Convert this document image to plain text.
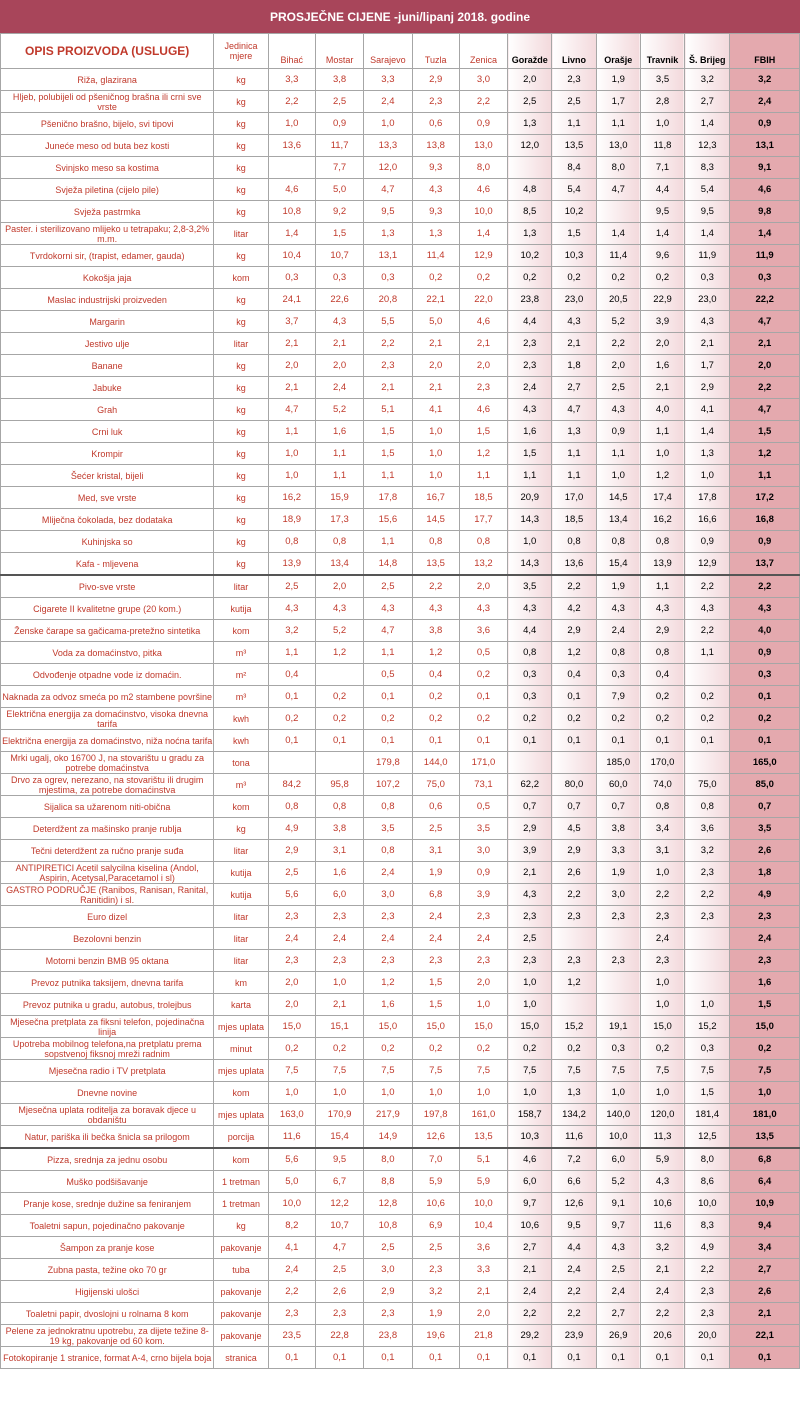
PROSJEČNE CIJENE -juni/lipanj 2018. godine
OPIS PROIZVODA (USLUGE)	Jedinica mjere	Bihać	Mostar	Sarajevo	Tuzla	Zenica	Goražde	Livno	Orašje	Travnik	Š. Brijeg	FBIH
Riža, glazirana	kg	3,3	3,8	3,3	2,9	3,0	2,0	2,3	1,9	3,5	3,2	3,2
Hljeb, polubijeli od pšeničnog brašna ili crni sve vrste	kg	2,2	2,5	2,4	2,3	2,2	2,5	2,5	1,7	2,8	2,7	2,4
Pšenično brašno, bijelo, svi tipovi	kg	1,0	0,9	1,0	0,6	0,9	1,3	1,1	1,1	1,0	1,4	0,9
Juneće meso od buta bez kosti	kg	13,6	11,7	13,3	13,8	13,0	12,0	13,5	13,0	11,8	12,3	13,1
Svinjsko meso sa kostima	kg		7,7	12,0	9,3	8,0		8,4	8,0	7,1	8,3	9,1
Svježa piletina (cijelo pile)	kg	4,6	5,0	4,7	4,3	4,6	4,8	5,4	4,7	4,4	5,4	4,6
Svježa pastrmka	kg	10,8	9,2	9,5	9,3	10,0	8,5	10,2		9,5	9,5	9,8
Paster. i sterilizovano mlijeko u tetrapaku; 2,8-3,2% m.m.	litar	1,4	1,5	1,3	1,3	1,4	1,3	1,5	1,4	1,4	1,4	1,4
Tvrdokorni sir, (trapist, edamer, gauda)	kg	10,4	10,7	13,1	11,4	12,9	10,2	10,3	11,4	9,6	11,9	11,9
Kokošja jaja	kom	0,3	0,3	0,3	0,2	0,2	0,2	0,2	0,2	0,2	0,3	0,3
Maslac industrijski proizveden	kg	24,1	22,6	20,8	22,1	22,0	23,8	23,0	20,5	22,9	23,0	22,2
Margarin	kg	3,7	4,3	5,5	5,0	4,6	4,4	4,3	5,2	3,9	4,3	4,7
Jestivo ulje	litar	2,1	2,1	2,2	2,1	2,1	2,3	2,1	2,2	2,0	2,1	2,1
Banane	kg	2,0	2,0	2,3	2,0	2,0	2,3	1,8	2,0	1,6	1,7	2,0
Jabuke	kg	2,1	2,4	2,1	2,1	2,3	2,4	2,7	2,5	2,1	2,9	2,2
Grah	kg	4,7	5,2	5,1	4,1	4,6	4,3	4,7	4,3	4,0	4,1	4,7
Crni luk	kg	1,1	1,6	1,5	1,0	1,5	1,6	1,3	0,9	1,1	1,4	1,5
Krompir	kg	1,0	1,1	1,5	1,0	1,2	1,5	1,1	1,1	1,0	1,3	1,2
Šećer kristal, bijeli	kg	1,0	1,1	1,1	1,0	1,1	1,1	1,1	1,0	1,2	1,0	1,1
Med, sve vrste	kg	16,2	15,9	17,8	16,7	18,5	20,9	17,0	14,5	17,4	17,8	17,2
Mliječna čokolada, bez dodataka	kg	18,9	17,3	15,6	14,5	17,7	14,3	18,5	13,4	16,2	16,6	16,8
Kuhinjska so	kg	0,8	0,8	1,1	0,8	0,8	1,0	0,8	0,8	0,8	0,9	0,9
Kafa - mljevena	kg	13,9	13,4	14,8	13,5	13,2	14,3	13,6	15,4	13,9	12,9	13,7
Pivo-sve vrste	litar	2,5	2,0	2,5	2,2	2,0	3,5	2,2	1,9	1,1	2,2	2,2
Cigarete II kvalitetne grupe (20 kom.)	kutija	4,3	4,3	4,3	4,3	4,3	4,3	4,2	4,3	4,3	4,3	4,3
Ženske čarape sa gačicama-pretežno sintetika	kom	3,2	5,2	4,7	3,8	3,6	4,4	2,9	2,4	2,9	2,2	4,0
Voda za domaćinstvo, pitka	m³	1,1	1,2	1,1	1,2	0,5	0,8	1,2	0,8	0,8	1,1	0,9
Odvođenje otpadne vode iz domaćin.	m²	0,4		0,5	0,4	0,2	0,3	0,4	0,3	0,4		0,3
Naknada za odvoz smeća po m2 stambene površine	m³	0,1	0,2	0,1	0,2	0,1	0,3	0,1	7,9	0,2	0,2	0,1
Električna energija za domaćinstvo, visoka dnevna tarifa	kwh	0,2	0,2	0,2	0,2	0,2	0,2	0,2	0,2	0,2	0,2	0,2
Električna energija za domaćinstvo, niža noćna tarifa	kwh	0,1	0,1	0,1	0,1	0,1	0,1	0,1	0,1	0,1	0,1	0,1
Mrki ugalj, oko 16700 J, na stovarištu u gradu za potrebe domaćinstva	tona			179,8	144,0	171,0			185,0	170,0		165,0
Drvo za ogrev, nerezano, na stovarištu ili drugim mjestima, za potrebe domaćinstva	m³	84,2	95,8	107,2	75,0	73,1	62,2	80,0	60,0	74,0	75,0	85,0
Sijalica sa užarenom niti-obična	kom	0,8	0,8	0,8	0,6	0,5	0,7	0,7	0,7	0,8	0,8	0,7
Deterdžent za mašinsko pranje rublja	kg	4,9	3,8	3,5	2,5	3,5	2,9	4,5	3,8	3,4	3,6	3,5
Tečni deterdžent za ručno pranje suđa	litar	2,9	3,1	0,8	3,1	3,0	3,9	2,9	3,3	3,1	3,2	2,6
ANTIPIRETICI Acetil salycilna kiselina (Andol, Aspirin, Acetysal,Paracetamol i sl)	kutija	2,5	1,6	2,4	1,9	0,9	2,1	2,6	1,9	1,0	2,3	1,8
GASTRO PODRUČJE (Ranibos, Ranisan, Ranital, Ranitidin) i sl.	kutija	5,6	6,0	3,0	6,8	3,9	4,3	2,2	3,0	2,2	2,2	4,9
Euro dizel	litar	2,3	2,3	2,3	2,4	2,3	2,3	2,3	2,3	2,3	2,3	2,3
Bezolovni benzin	litar	2,4	2,4	2,4	2,4	2,4	2,5			2,4		2,4
Motorni benzin BMB 95 oktana	litar	2,3	2,3	2,3	2,3	2,3	2,3	2,3	2,3	2,3		2,3
Prevoz putnika taksijem, dnevna tarifa	km	2,0	1,0	1,2	1,5	2,0	1,0	1,2		1,0		1,6
Prevoz putnika u gradu, autobus, trolejbus	karta	2,0	2,1	1,6	1,5	1,0	1,0			1,0	1,0	1,5
Mjesečna pretplata za fiksni telefon, pojedinačna linija	mjes uplata	15,0	15,1	15,0	15,0	15,0	15,0	15,2	19,1	15,0	15,2	15,0
Upotreba mobilnog telefona,na pretplatu prema sopstvenoj fiksnoj mreži radnim	minut	0,2	0,2	0,2	0,2	0,2	0,2	0,2	0,3	0,2	0,3	0,2
Mjesečna radio i TV pretplata	mjes uplata	7,5	7,5	7,5	7,5	7,5	7,5	7,5	7,5	7,5	7,5	7,5
Dnevne novine	kom	1,0	1,0	1,0	1,0	1,0	1,0	1,3	1,0	1,0	1,5	1,0
Mjesečna uplata roditelja za boravak djece u obdaništu	mjes uplata	163,0	170,9	217,9	197,8	161,0	158,7	134,2	140,0	120,0	181,4	181,0
Natur, pariška ili bečka šnicla sa prilogom	porcija	11,6	15,4	14,9	12,6	13,5	10,3	11,6	10,0	11,3	12,5	13,5
Pizza, srednja za jednu osobu	kom	5,6	9,5	8,0	7,0	5,1	4,6	7,2	6,0	5,9	8,0	6,8
Muško podšišavanje	1 tretman	5,0	6,7	8,8	5,9	5,9	6,0	6,6	5,2	4,3	8,6	6,4
Pranje kose, srednje dužine sa feniranjem	1 tretman	10,0	12,2	12,8	10,6	10,0	9,7	12,6	9,1	10,6	10,0	10,9
Toaletni sapun, pojedinačno pakovanje	kg	8,2	10,7	10,8	6,9	10,4	10,6	9,5	9,7	11,6	8,3	9,4
Šampon za pranje kose	pakovanje	4,1	4,7	2,5	2,5	3,6	2,7	4,4	4,3	3,2	4,9	3,4
Zubna pasta, težine oko 70 gr	tuba	2,4	2,5	3,0	2,3	3,3	2,1	2,4	2,5	2,1	2,2	2,7
Higijenski ulošci	pakovanje	2,2	2,6	2,9	3,2	2,1	2,4	2,2	2,4	2,4	2,3	2,6
Toaletni papir, dvoslojni u rolnama 8 kom	pakovanje	2,3	2,3	2,3	1,9	2,0	2,2	2,2	2,7	2,2	2,3	2,1
Pelene za jednokratnu upotrebu, za dijete težine 8-19 kg, pakovanje od 60 kom.	pakovanje	23,5	22,8	23,8	19,6	21,8	29,2	23,9	26,9	20,6	20,0	22,1
Fotokopiranje 1 stranice, format A-4, crno bijela boja	stranica	0,1	0,1	0,1	0,1	0,1	0,1	0,1	0,1	0,1	0,1	0,1
